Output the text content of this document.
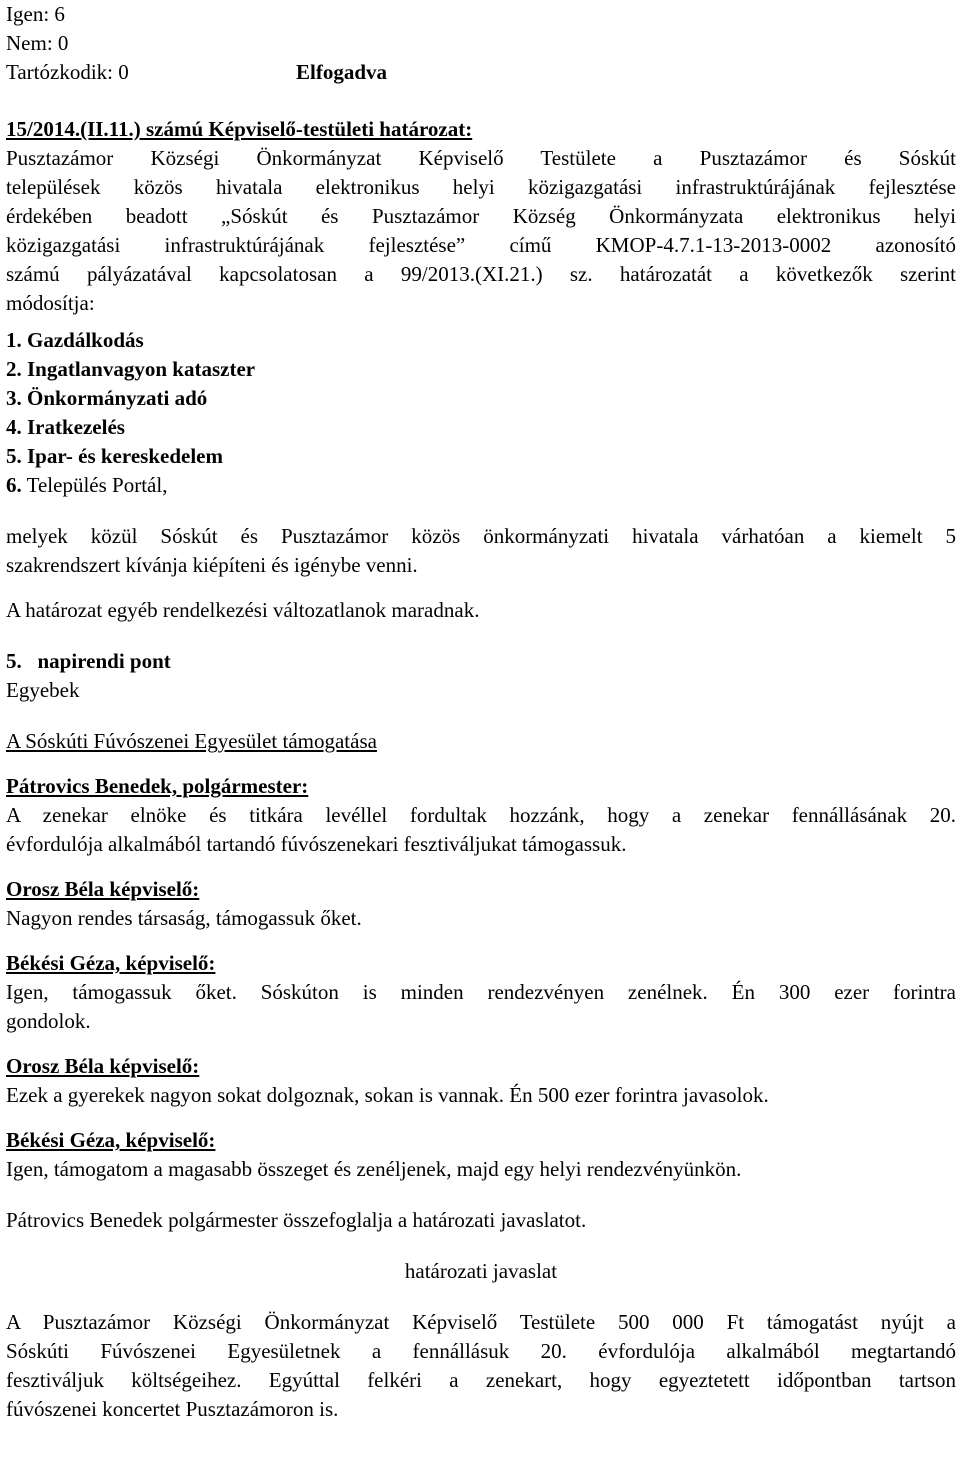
Igen: 6
Nem: 0
Tartózkodik: 0	Elfogadva
15/2014.(II.11.) számú Képviselő-testületi határozat:
Pusztazámor Községi Önkormányzat Képviselő Testülete a Pusztazámor és Sóskút
települések közös hivatala elektronikus helyi közigazgatási infrastruktúrájának fejlesztése
érdekében beadott „Sóskút és Pusztazámor Község Önkormányzata elektronikus helyi
közigazgatási infrastruktúrájának fejlesztése” című KMOP-4.7.1-13-2013-0002 azonosító
számú pályázatával kapcsolatosan a 99/2013.(XI.21.) sz. határozatát a következők szerint
módosítja:
1. Gazdálkodás
2. Ingatlanvagyon kataszter
3. Önkormányzati adó
4. Iratkezelés
5. Ipar- és kereskedelem
6. Település Portál,
melyek közül Sóskút és Pusztazámor közös önkormányzati hivatala várhatóan a kiemelt 5
szakrendszert kívánja kiépíteni és igénybe venni.
A határozat egyéb rendelkezési változatlanok maradnak.
5. napirendi pont
Egyebek
A Sóskúti Fúvószenei Egyesület támogatása
Pátrovics Benedek, polgármester:
A zenekar elnöke és titkára levéllel fordultak hozzánk, hogy a zenekar fennállásának 20.
évfordulója alkalmából tartandó fúvószenekari fesztiváljukat támogassuk.
Orosz Béla képviselő:
Nagyon rendes társaság, támogassuk őket.
Békési Géza, képviselő:
Igen, támogassuk őket. Sóskúton is minden rendezvényen zenélnek. Én 300 ezer forintra
gondolok.
Orosz Béla képviselő:
Ezek a gyerekek nagyon sokat dolgoznak, sokan is vannak. Én 500 ezer forintra javasolok.
Békési Géza, képviselő:
Igen, támogatom a magasabb összeget és zenéljenek, majd egy helyi rendezvényünkön.
Pátrovics Benedek polgármester összefoglalja a határozati javaslatot.
határozati javaslat
A Pusztazámor Községi Önkormányzat Képviselő Testülete 500 000 Ft támogatást nyújt a
Sóskúti Fúvószenei Egyesületnek a fennállásuk 20. évfordulója alkalmából megtartandó
fesztiváljuk költségeihez. Egyúttal felkéri a zenekart, hogy egyeztetett időpontban tartson
fúvószenei koncertet Pusztazámoron is.
